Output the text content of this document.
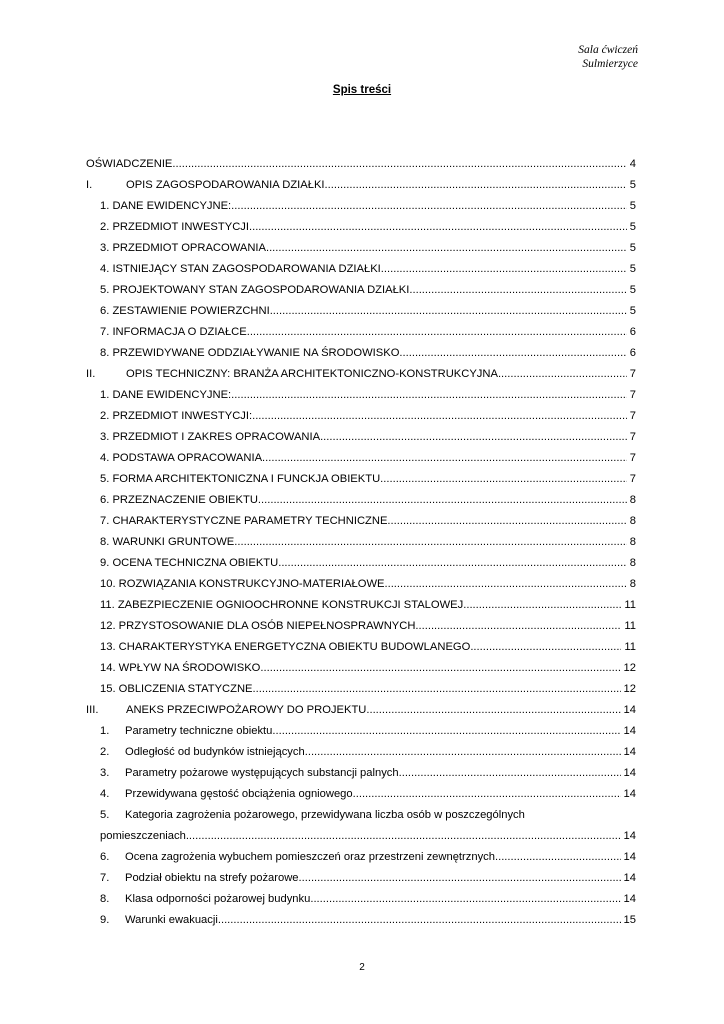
Sala ćwiczeń
Sulmierzyce
Spis treści
OŚWIADCZENIE .....	4
I.	OPIS ZAGOSPODAROWANIA DZIAŁKI .....	5
1. DANE EWIDENCYJNE: .....	5
2. PRZEDMIOT INWESTYCJI .....	5
3. PRZEDMIOT OPRACOWANIA .....	5
4. ISTNIEJĄCY STAN ZAGOSPODAROWANIA DZIAŁKI .....	5
5. PROJEKTOWANY STAN ZAGOSPODAROWANIA DZIAŁKI .....	5
6. ZESTAWIENIE POWIERZCHNI .....	5
7. INFORMACJA O DZIAŁCE .....	6
8. PRZEWIDYWANE ODDZIAŁYWANIE NA ŚRODOWISKO .....	6
II.	OPIS TECHNICZNY: BRANŻA ARCHITEKTONICZNO-KONSTRUKCYJNA .....	7
1. DANE EWIDENCYJNE: .....	7
2. PRZEDMIOT INWESTYCJI: .....	7
3. PRZEDMIOT I ZAKRES OPRACOWANIA .....	7
4. PODSTAWA OPRACOWANIA .....	7
5. FORMA ARCHITEKTONICZNA I FUNCKJA OBIEKTU .....	7
6. PRZEZNACZENIE OBIEKTU .....	8
7. CHARAKTERYSTYCZNE PARAMETRY TECHNICZNE .....	8
8. WARUNKI GRUNTOWE .....	8
9. OCENA TECHNICZNA OBIEKTU .....	8
10. ROZWIĄZANIA KONSTRUKCYJNO-MATERIAŁOWE .....	8
11. ZABEZPIECZENIE OGNIOOCHRONNE KONSTRUKCJI STALOWEJ .....	11
12. PRZYSTOSOWANIE DLA OSÓB NIEPEŁNOSPRAWNYCH .....	11
13. CHARAKTERYSTYKA ENERGETYCZNA OBIEKTU BUDOWLANEGO .....	11
14. WPŁYW NA ŚRODOWISKO .....	12
15. OBLICZENIA STATYCZNE .....	12
III.	ANEKS PRZECIWPOŻAROWY DO PROJEKTU .....	14
1.	Parametry techniczne obiektu .....	14
2.	Odległość od budynków istniejących .....	14
3.	Parametry pożarowe występujących substancji palnych .....	14
4.	Przewidywana gęstość obciążenia ogniowego .....	14
5.	Kategoria zagrożenia pożarowego, przewidywana liczba osób w poszczególnych
pomieszczeniach .....	14
6.	Ocena zagrożenia wybuchem pomieszczeń oraz przestrzeni zewnętrznych .....	14
7.	Podział obiektu na strefy pożarowe .....	14
8.	Klasa odporności pożarowej budynku .....	14
9.	Warunki ewakuacji .....	15
2
